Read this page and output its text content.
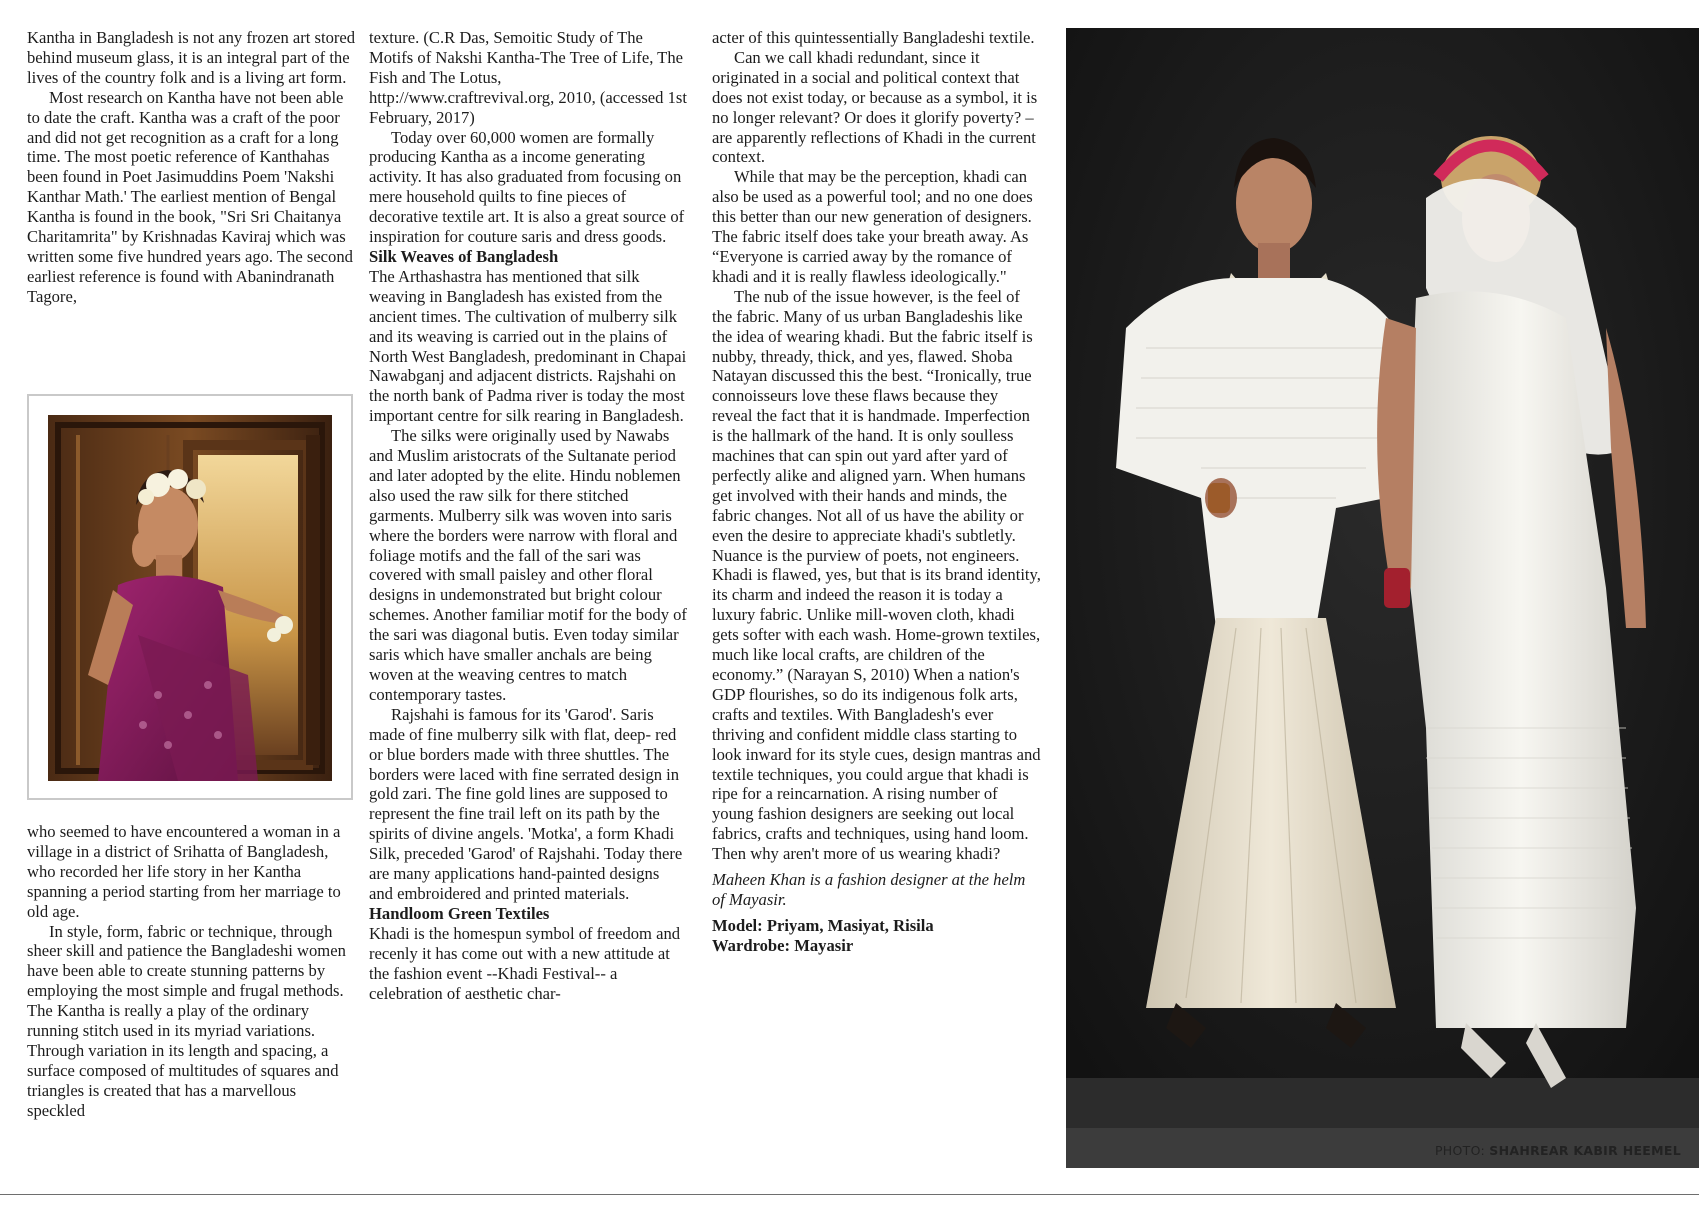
Kantha in Bangladesh is not any frozen art stored behind museum glass, it is an integral part of the lives of the country folk and is a living art form.

Most research on Kantha have not been able to date the craft. Kantha was a craft of the poor and did not get recognition as a craft for a long time. The most poetic reference of Kanthahas been found in Poet Jasimuddins Poem 'Nakshi Kanthar Math.' The earliest mention of Bengal Kantha is found in the book, "Sri Sri Chaitanya Charitamrita" by Krishnadas Kaviraj which was written some five hundred years ago. The second earliest reference is found with Abanindranath Tagore,

who seemed to have encountered a woman in a village in a district of Srihatta of Bangladesh, who recorded her life story in her Kantha spanning a period starting from her marriage to old age.

In style, form, fabric or technique, through sheer skill and patience the Bangladeshi women have been able to create stunning patterns by employing the most simple and frugal methods. The Kantha is really a play of the ordinary running stitch used in its myriad variations. Through variation in its length and spacing, a surface composed of multitudes of squares and triangles is created that has a marvellous speckled

texture. (C.R Das, Semoitic Study of The Motifs of Nakshi Kantha-The Tree of Life, The Fish and The Lotus, http://www.craftrevival.org, 2010, (accessed 1st February, 2017)

Today over 60,000 women are formally producing Kantha as a income generating activity. It has also graduated from focusing on mere household quilts to fine pieces of decorative textile art. It is also a great source of inspiration for couture saris and dress goods.

Silk Weaves of Bangladesh

The Arthashastra has mentioned that silk weaving in Bangladesh has existed from the ancient times. The cultivation of mulberry silk and its weaving is carried out in the plains of North West Bangladesh, predominant in Chapai Nawabganj and adjacent districts. Rajshahi on the north bank of Padma river is today the most important centre for silk rearing in Bangladesh.

The silks were originally used by Nawabs and Muslim aristocrats of the Sultanate period and later adopted by the elite. Hindu noblemen also used the raw silk for there stitched garments. Mulberry silk was woven into saris where the borders were narrow with floral and foliage motifs and the fall of the sari was covered with small paisley and other floral designs in undemonstrated but bright colour schemes. Another familiar motif for the body of the sari was diagonal butis. Even today similar saris which have smaller anchals are being woven at the weaving centres to match contemporary tastes.

Rajshahi is famous for its 'Garod'. Saris made of fine mulberry silk with flat, deep- red or blue borders made with three shuttles. The borders were laced with fine serrated design in gold zari. The fine gold lines are supposed to represent the fine trail left on its path by the spirits of divine angels. 'Motka', a form Khadi Silk, preceded 'Garod' of Rajshahi. Today there are many applications hand-painted designs and embroidered and printed materials.

Handloom Green Textiles

Khadi is the homespun symbol of freedom and recenly it has come out with a new attitude at the fashion event --Khadi Festival-- a celebration of aesthetic char-

acter of this quintessentially Bangladeshi textile.

Can we call khadi redundant, since it originated in a social and political context that does not exist today, or because as a symbol, it is no longer relevant? Or does it glorify poverty? – are apparently reflections of Khadi in the current context.

While that may be the perception, khadi can also be used as a powerful tool; and no one does this better than our new generation of designers. The fabric itself does take your breath away. As “Everyone is carried away by the romance of khadi and it is really flawless ideologically."

The nub of the issue however, is the feel of the fabric. Many of us urban Bangladeshis like the idea of wearing khadi. But the fabric itself is nubby, thready, thick, and yes, flawed. Shoba Natayan discussed this the best. “Ironically, true connoisseurs love these flaws because they reveal the fact that it is handmade. Imperfection is the hallmark of the hand. It is only soulless machines that can spin out yard after yard of perfectly alike and aligned yarn. When humans get involved with their hands and minds, the fabric changes. Not all of us have the ability or even the desire to appreciate khadi's subtletly. Nuance is the purview of poets, not engineers. Khadi is flawed, yes, but that is its brand identity, its charm and indeed the reason it is today a luxury fabric. Unlike mill-woven cloth, khadi gets softer with each wash. Home-grown textiles, much like local crafts, are children of the economy.” (Narayan S, 2010) When a nation's GDP flourishes, so do its indigenous folk arts, crafts and textiles. With Bangladesh's ever thriving and confident middle class starting to look inward for its style cues, design mantras and textile techniques, you could argue that khadi is ripe for a reincarnation. A rising number of young fashion designers are seeking out local fabrics, crafts and techniques, using hand loom. Then why aren't more of us wearing khadi?

Maheen Khan is a fashion designer at the helm of Mayasir.

Model: Priyam, Masiyat, Risila

Wardrobe: Mayasir

PHOTO: SHAHREAR KABIR HEEMEL
